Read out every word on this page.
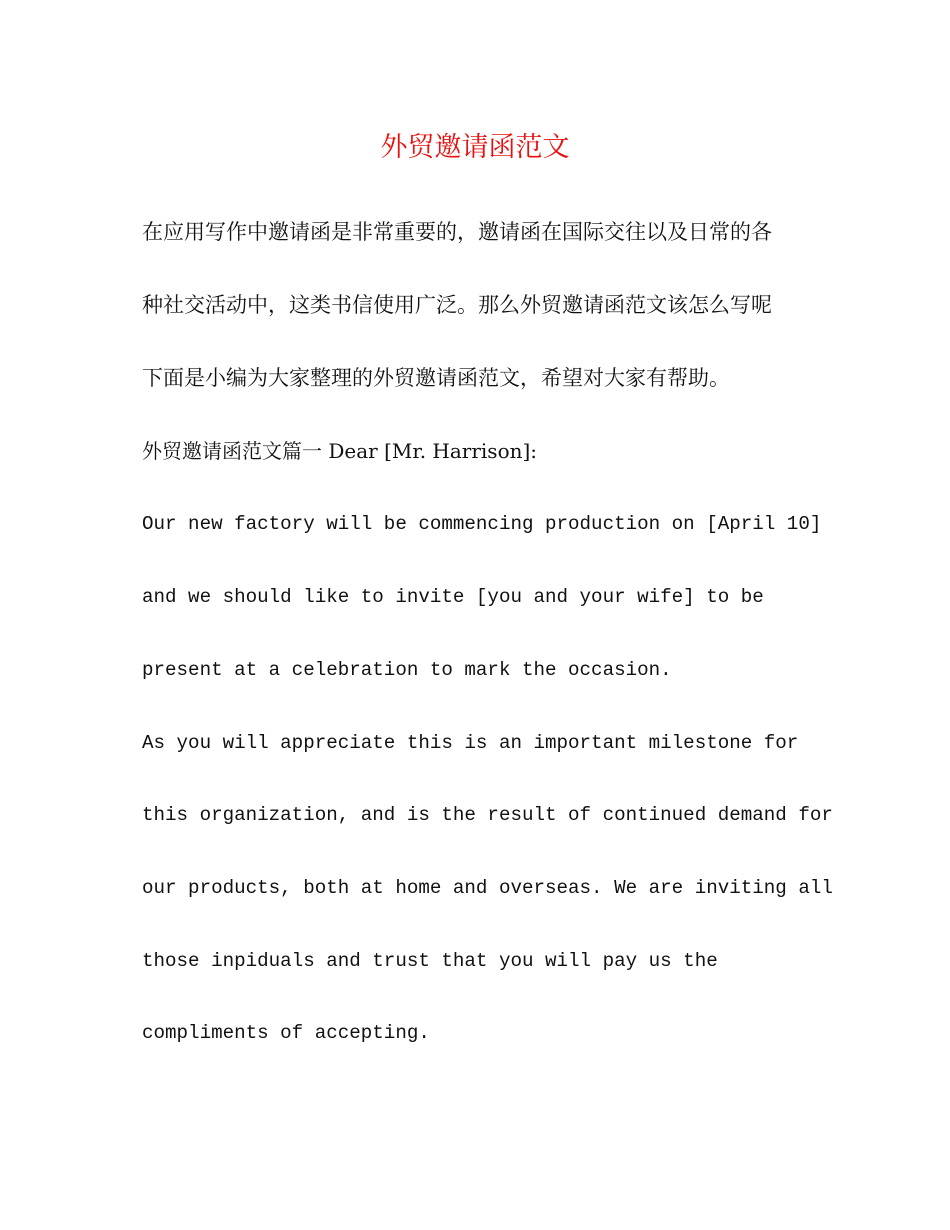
外贸邀请函范文

在应用写作中邀请函是非常重要的，邀请函在国际交往以及日常的各

种社交活动中，这类书信使用广泛。那么外贸邀请函范文该怎么写呢

下面是小编为大家整理的外贸邀请函范文，希望对大家有帮助。

外贸邀请函范文篇一 Dear [Mr. Harrison]:

Our new factory will be commencing production on [April 10]

and we should like to invite [you and your wife] to be

present at a celebration to mark the occasion.

As you will appreciate this is an important milestone for

this organization, and is the result of continued demand for

our products, both at home and overseas. We are inviting all

those inpiduals and trust that you will pay us the

compliments of accepting.
